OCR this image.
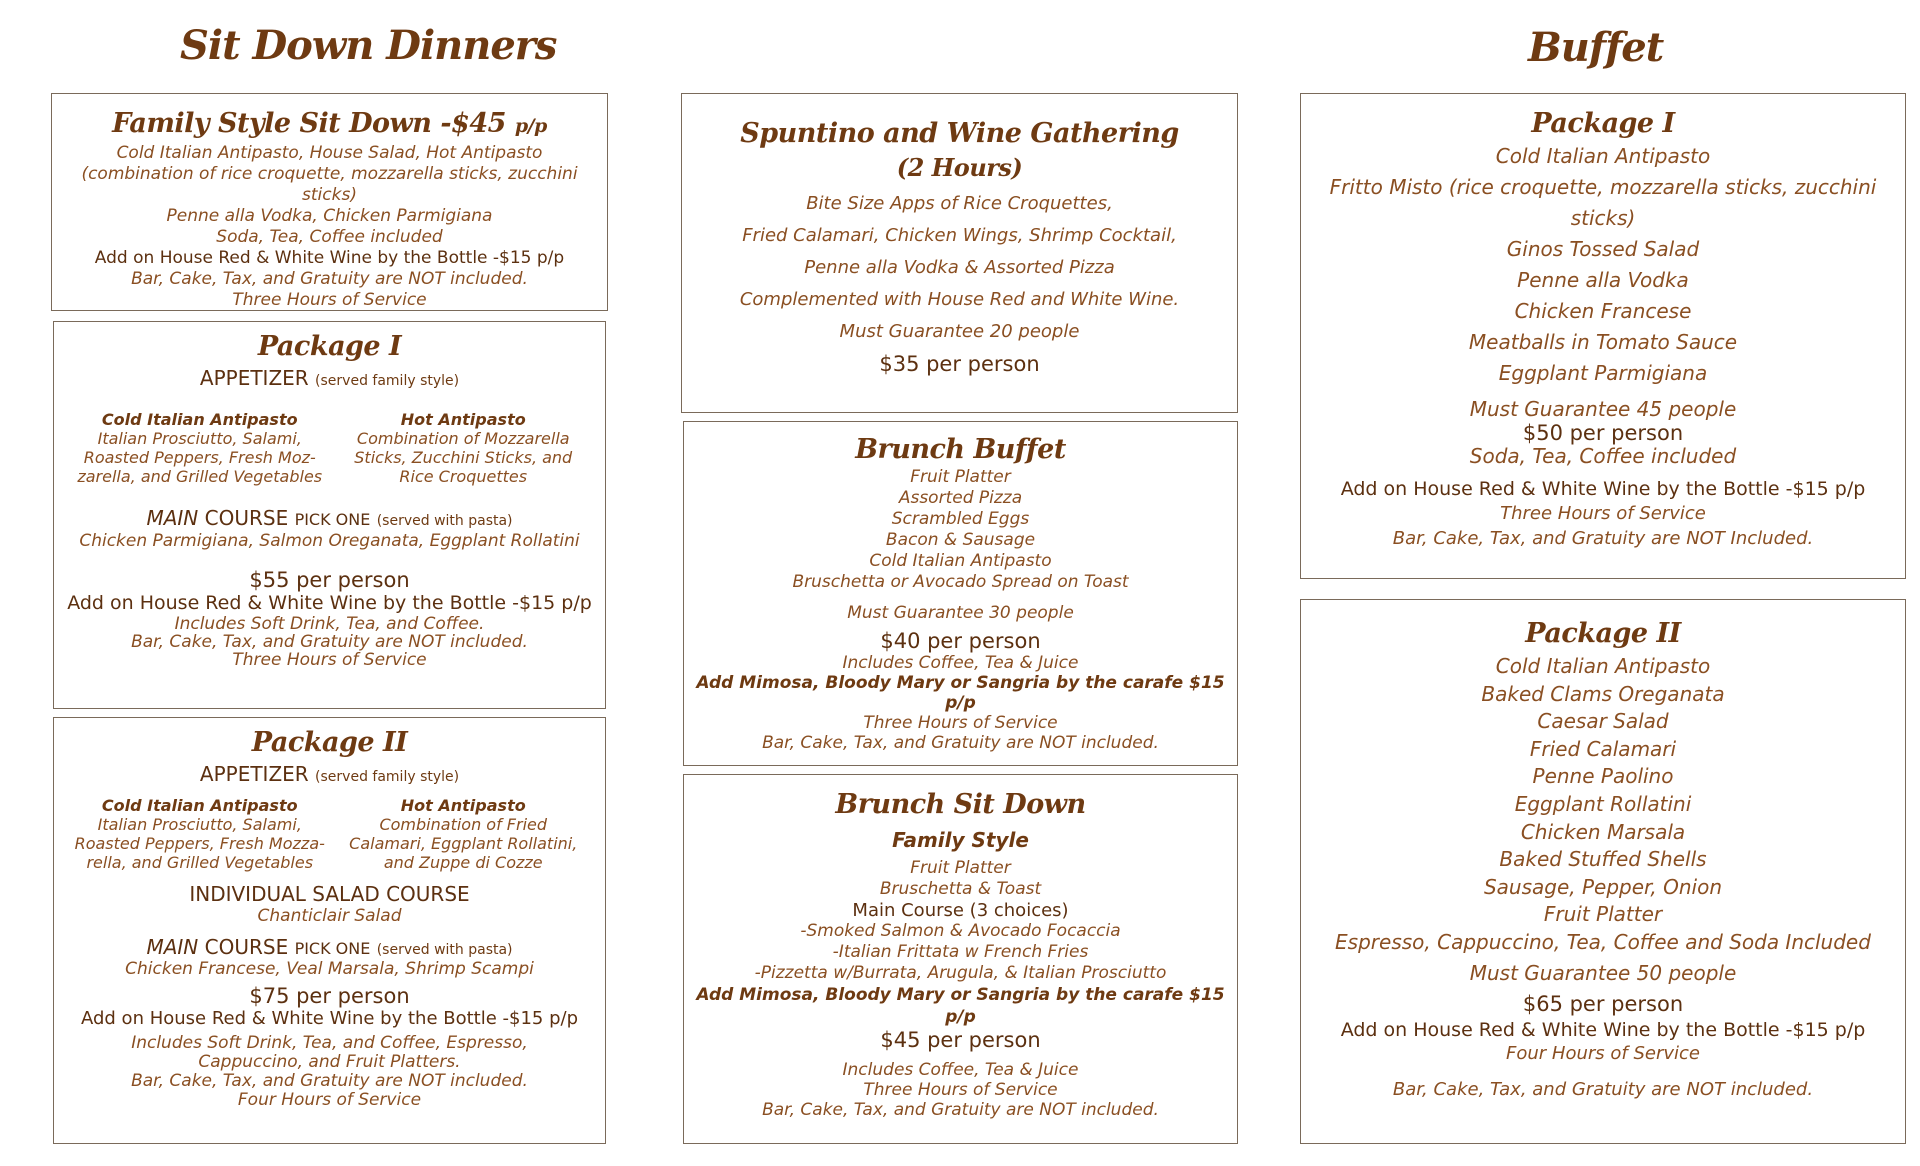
Sit Down Dinners	Buffet
Family Style Sit Down -$45 p/p
Cold Italian Antipasto, House Salad, Hot Antipasto
(combination of rice croquette, mozzarella sticks, zucchini sticks)
Penne alla Vodka, Chicken Parmigiana
Soda, Tea, Coffee included
Add on House Red & White Wine by the Bottle -$15 p/p
Bar, Cake, Tax, and Gratuity are NOT included.
Three Hours of Service
Package I
APPETIZER (served family style)
Cold Italian Antipasto
Italian Prosciutto, Salami,
Roasted Peppers, Fresh Moz-
zarella, and Grilled Vegetables
Hot Antipasto
Combination of Mozzarella
Sticks, Zucchini Sticks, and
Rice Croquettes
MAIN COURSE PICK ONE (served with pasta)
Chicken Parmigiana, Salmon Oreganata, Eggplant Rollatini
$55 per person
Add on House Red & White Wine by the Bottle -$15 p/p
Includes Soft Drink, Tea, and Coffee.
Bar, Cake, Tax, and Gratuity are NOT included.
Three Hours of Service
Package II
APPETIZER (served family style)
Cold Italian Antipasto
Italian Prosciutto, Salami,
Roasted Peppers, Fresh Mozza-
rella, and Grilled Vegetables
Hot Antipasto
Combination of Fried
Calamari, Eggplant Rollatini,
and Zuppe di Cozze
INDIVIDUAL SALAD COURSE
Chanticlair Salad
MAIN COURSE PICK ONE (served with pasta)
Chicken Francese, Veal Marsala, Shrimp Scampi
$75 per person
Add on House Red & White Wine by the Bottle -$15 p/p
Includes Soft Drink, Tea, and Coffee, Espresso,
Cappuccino, and Fruit Platters.
Bar, Cake, Tax, and Gratuity are NOT included.
Four Hours of Service
Spuntino and Wine Gathering
(2 Hours)
Bite Size Apps of Rice Croquettes,
Fried Calamari, Chicken Wings, Shrimp Cocktail,
Penne alla Vodka & Assorted Pizza
Complemented with House Red and White Wine.
Must Guarantee 20 people
$35 per person
Brunch Buffet
Fruit Platter
Assorted Pizza
Scrambled Eggs
Bacon & Sausage
Cold Italian Antipasto
Bruschetta or Avocado Spread on Toast
Must Guarantee 30 people
$40 per person
Includes Coffee, Tea & Juice
Add Mimosa, Bloody Mary or Sangria by the carafe $15 p/p
Three Hours of Service
Bar, Cake, Tax, and Gratuity are NOT included.
Brunch Sit Down
Family Style
Fruit Platter
Bruschetta & Toast
Main Course (3 choices)
-Smoked Salmon & Avocado Focaccia
-Italian Frittata w French Fries
-Pizzetta w/Burrata, Arugula, & Italian Prosciutto
Add Mimosa, Bloody Mary or Sangria by the carafe $15 p/p
$45 per person
Includes Coffee, Tea & Juice
Three Hours of Service
Bar, Cake, Tax, and Gratuity are NOT included.
Package I
Cold Italian Antipasto
Fritto Misto (rice croquette, mozzarella sticks, zucchini sticks)
Ginos Tossed Salad
Penne alla Vodka
Chicken Francese
Meatballs in Tomato Sauce
Eggplant Parmigiana
Must Guarantee 45 people
$50 per person
Soda, Tea, Coffee included
Add on House Red & White Wine by the Bottle -$15 p/p
Three Hours of Service
Bar, Cake, Tax, and Gratuity are NOT Included.
Package II
Cold Italian Antipasto
Baked Clams Oreganata
Caesar Salad
Fried Calamari
Penne Paolino
Eggplant Rollatini
Chicken Marsala
Baked Stuffed Shells
Sausage, Pepper, Onion
Fruit Platter
Espresso, Cappuccino, Tea, Coffee and Soda Included
Must Guarantee 50 people
$65 per person
Add on House Red & White Wine by the Bottle -$15 p/p
Four Hours of Service
Bar, Cake, Tax, and Gratuity are NOT included.
